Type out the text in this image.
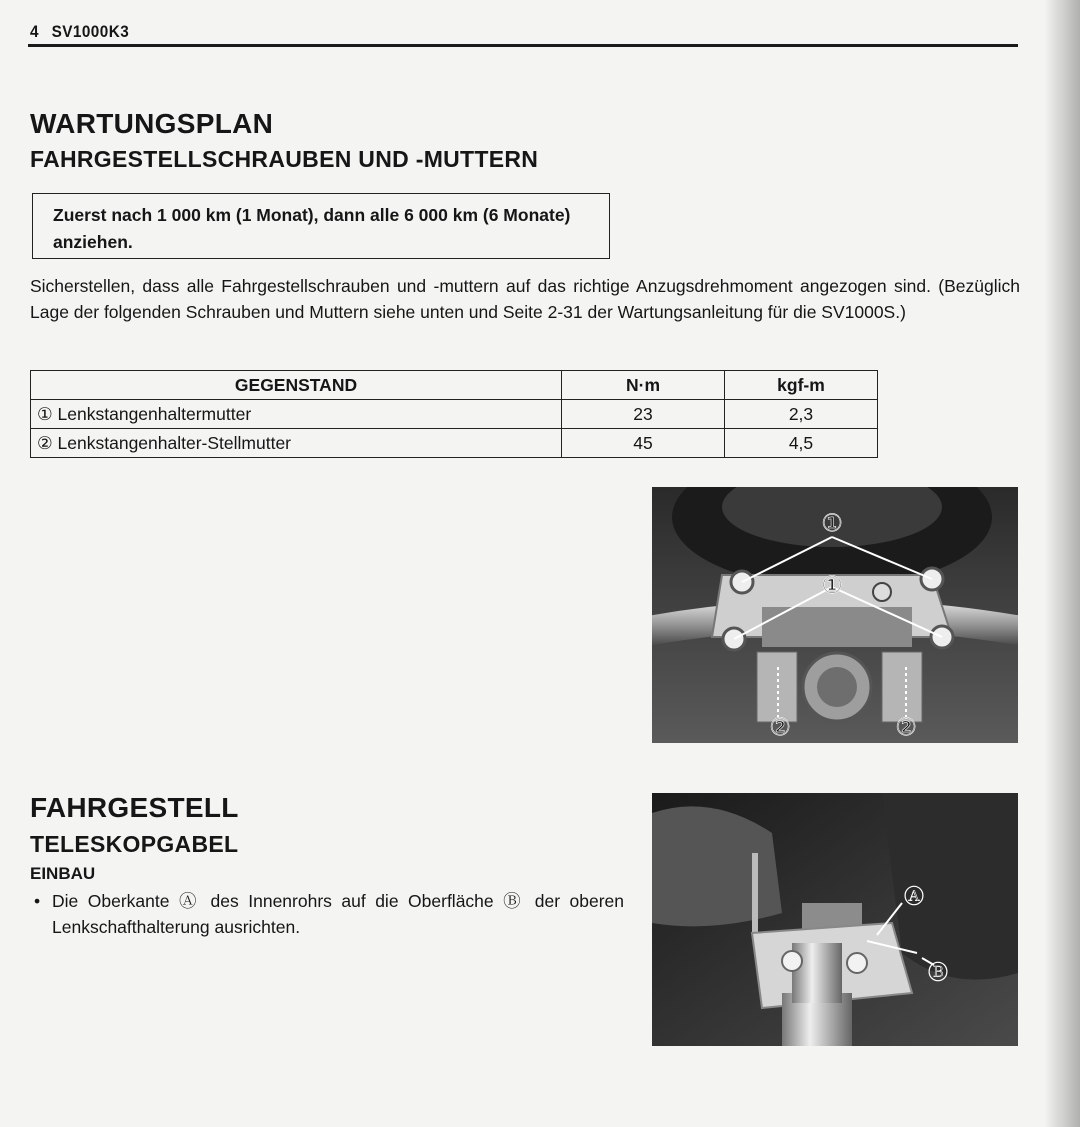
4 SV1000K3
WARTUNGSPLAN
FAHRGESTELLSCHRAUBEN UND -MUTTERN
Zuerst nach 1 000 km (1 Monat), dann alle 6 000 km (6 Monate) anziehen.
Sicherstellen, dass alle Fahrgestellschrauben und -muttern auf das richtige Anzugsdrehmoment angezogen sind. (Bezüglich Lage der folgenden Schrauben und Muttern siehe unten und Seite 2-31 der Wartungsanleitung für die SV1000S.)
GEGENSTAND	N·m	kgf-m
① Lenkstangenhaltermutter	23	2,3
② Lenkstangenhalter-Stellmutter	45	4,5
①
①
②	②
FAHRGESTELL
TELESKOPGABEL
EINBAU
• Die Oberkante Ⓐ des Innenrohrs auf die Oberfläche Ⓑ der oberen Lenkschafthalterung ausrichten.
Ⓐ
Ⓑ
